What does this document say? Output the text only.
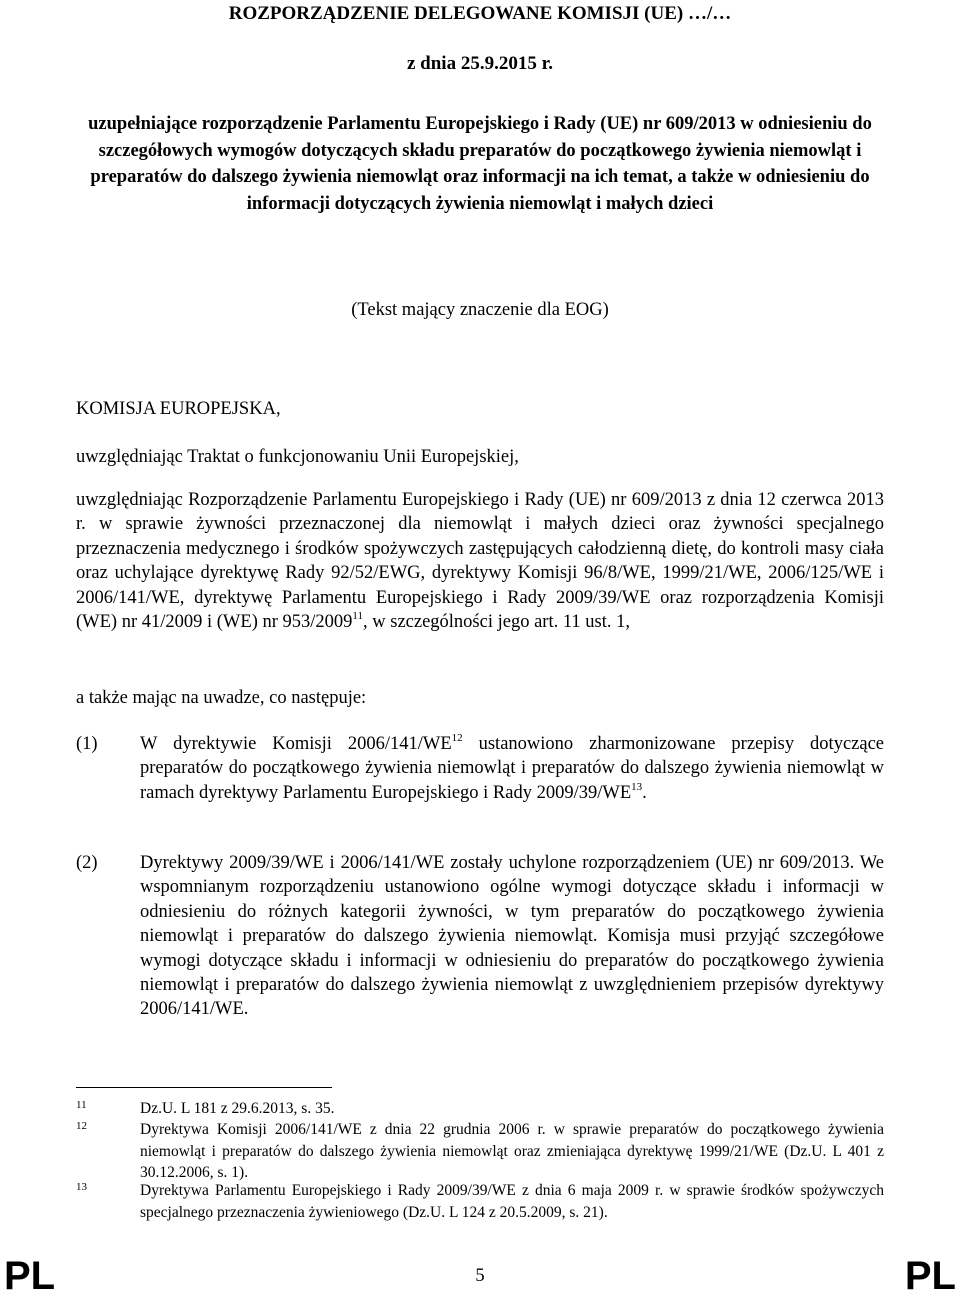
ROZPORZĄDZENIE DELEGOWANE KOMISJI (UE) …/…
z dnia 25.9.2015 r.
uzupełniające rozporządzenie Parlamentu Europejskiego i Rady (UE) nr 609/2013 w odniesieniu do szczegółowych wymogów dotyczących składu preparatów do początkowego żywienia niemowląt i preparatów do dalszego żywienia niemowląt oraz informacji na ich temat, a także w odniesieniu do informacji dotyczących żywienia niemowląt i małych dzieci
(Tekst mający znaczenie dla EOG)
KOMISJA EUROPEJSKA,
uwzględniając Traktat o funkcjonowaniu Unii Europejskiej,
uwzględniając Rozporządzenie Parlamentu Europejskiego i Rady (UE) nr 609/2013 z dnia 12 czerwca 2013 r. w sprawie żywności przeznaczonej dla niemowląt i małych dzieci oraz żywności specjalnego przeznaczenia medycznego i środków spożywczych zastępujących całodzienną dietę, do kontroli masy ciała oraz uchylające dyrektywę Rady 92/52/EWG, dyrektywy Komisji 96/8/WE, 1999/21/WE, 2006/125/WE i 2006/141/WE, dyrektywę Parlamentu Europejskiego i Rady 2009/39/WE oraz rozporządzenia Komisji (WE) nr 41/2009 i (WE) nr 953/2009$^{11}$, w szczególności jego art. 11 ust. 1,
a także mając na uwadze, co następuje:
(1) W dyrektywie Komisji 2006/141/WE$^{12}$ ustanowiono zharmonizowane przepisy dotyczące preparatów do początkowego żywienia niemowląt i preparatów do dalszego żywienia niemowląt w ramach dyrektywy Parlamentu Europejskiego i Rady 2009/39/WE$^{13}$.
(2) Dyrektywy 2009/39/WE i 2006/141/WE zostały uchylone rozporządzeniem (UE) nr 609/2013. We wspomnianym rozporządzeniu ustanowiono ogólne wymogi dotyczące składu i informacji w odniesieniu do różnych kategorii żywności, w tym preparatów do początkowego żywienia niemowląt i preparatów do dalszego żywienia niemowląt. Komisja musi przyjąć szczegółowe wymogi dotyczące składu i informacji w odniesieniu do preparatów do początkowego żywienia niemowląt i preparatów do dalszego żywienia niemowląt z uwzględnieniem przepisów dyrektywy 2006/141/WE.
11	Dz.U. L 181 z 29.6.2013, s. 35.
12	Dyrektywa Komisji 2006/141/WE z dnia 22 grudnia 2006 r. w sprawie preparatów do początkowego żywienia niemowląt i preparatów do dalszego żywienia niemowląt oraz zmieniająca dyrektywę 1999/21/WE (Dz.U. L 401 z 30.12.2006, s. 1).
13	Dyrektywa Parlamentu Europejskiego i Rady 2009/39/WE z dnia 6 maja 2009 r. w sprawie środków spożywczych specjalnego przeznaczenia żywieniowego (Dz.U. L 124 z 20.5.2009, s. 21).
PL	5	PL
